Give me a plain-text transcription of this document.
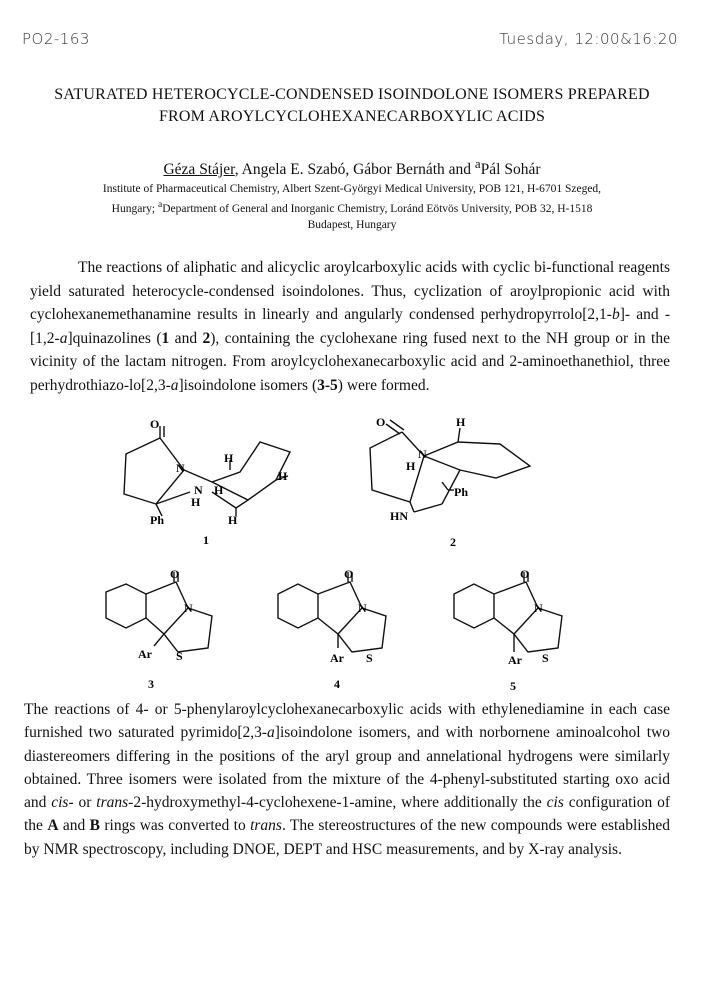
PO2-163	Tuesday, 12:00&16:20
SATURATED HETEROCYCLE-CONDENSED ISOINDOLONE ISOMERS PREPARED
FROM AROYLCYCLOHEXANECARBOXYLIC ACIDS
Géza Stájer, Angela E. Szabó, Gábor Bernáth and $^a$Pál Sohár
Institute of Pharmaceutical Chemistry, Albert Szent-Györgyi Medical University, POB 121, H-6701 Szeged,
Hungary; $^a$Department of General and Inorganic Chemistry, Loránd Eötvös University, POB 32, H-1518
Budapest, Hungary
The reactions of aliphatic and alicyclic aroylcarboxylic acids with cyclic bi-functional reagents yield saturated heterocycle-condensed isoindolones. Thus, cyclization of aroylpropionic acid with cyclohexanemethanamine results in linearly and angularly condensed perhydropyrrolo[2,1-b]- and -[1,2-a]quinazolines (1 and 2), containing the cyclohexane ring fused next to the NH group or in the vicinity of the lactam nitrogen. From aroylcyclohexanecarboxylic acid and 2-aminoethanethiol, three perhydrothiazo-lo[2,3-a]isoindolone isomers (3-5) were formed.
O
N
H
N H
H
H
Ph	H
O	H
N
H
Ph
HN
O
N
Ar S
O
N
Ar S
O
N
Ar S
1	2
3	4	5
The reactions of 4- or 5-phenylaroylcyclohexanecarboxylic acids with ethylenediamine in each case furnished two saturated pyrimido[2,3-a]isoindolone isomers, and with norbornene aminoalcohol two diastereomers differing in the positions of the aryl group and annelational hydrogens were similarly obtained. Three isomers were isolated from the mixture of the 4-phenyl-substituted starting oxo acid and cis- or trans-2-hydroxymethyl-4-cyclohexene-1-amine, where additionally the cis configuration of the A and B rings was converted to trans. The stereostructures of the new compounds were established by NMR spectroscopy, including DNOE, DEPT and HSC measurements, and by X-ray analysis.
